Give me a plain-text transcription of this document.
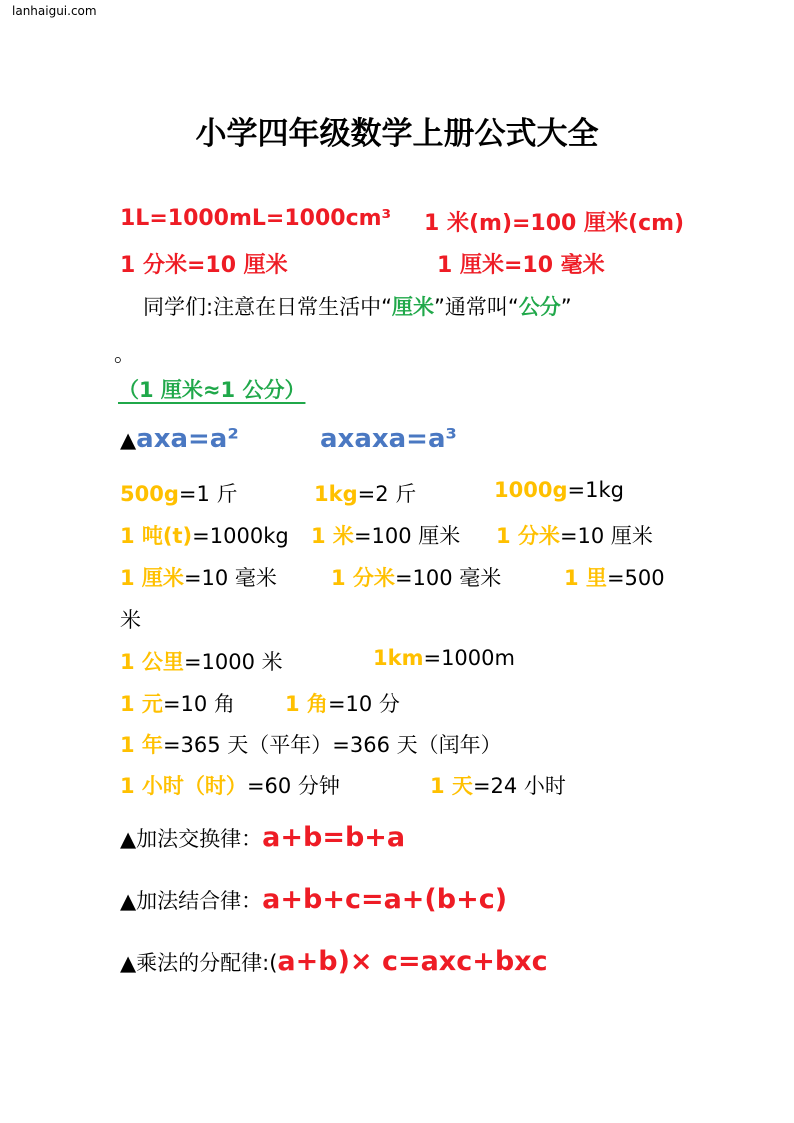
lanhaigui.com
小学四年级数学上册公式大全
1L=1000mL=1000cm³ 1 米(m)=100 厘米(cm)
1 分米=10 厘米	1 厘米=10 毫米
同学们:注意在日常生活中“厘米”通常叫“公分”
。
（1 厘米≈1 公分）
▲axa=a²	axaxa=a³
500g=1 斤	1kg=2 斤	1000g=1kg
1 吨(t)=1000kg 1 米=100 厘米 1 分米=10 厘米
1 厘米=10 毫米	1 分米=100 毫米	1 里=500
米
1 公里=1000 米	1km=1000m
1 元=10 角 1 角=10 分
1 年=365 天（平年）=366 天（闰年）
1 小时（时）=60 分钟	1 天=24 小时
▲加法交换律：a+b=b+a
▲加法结合律：a+b+c=a+(b+c)
▲乘法的分配律:(a+b)× c=axc+bxc
